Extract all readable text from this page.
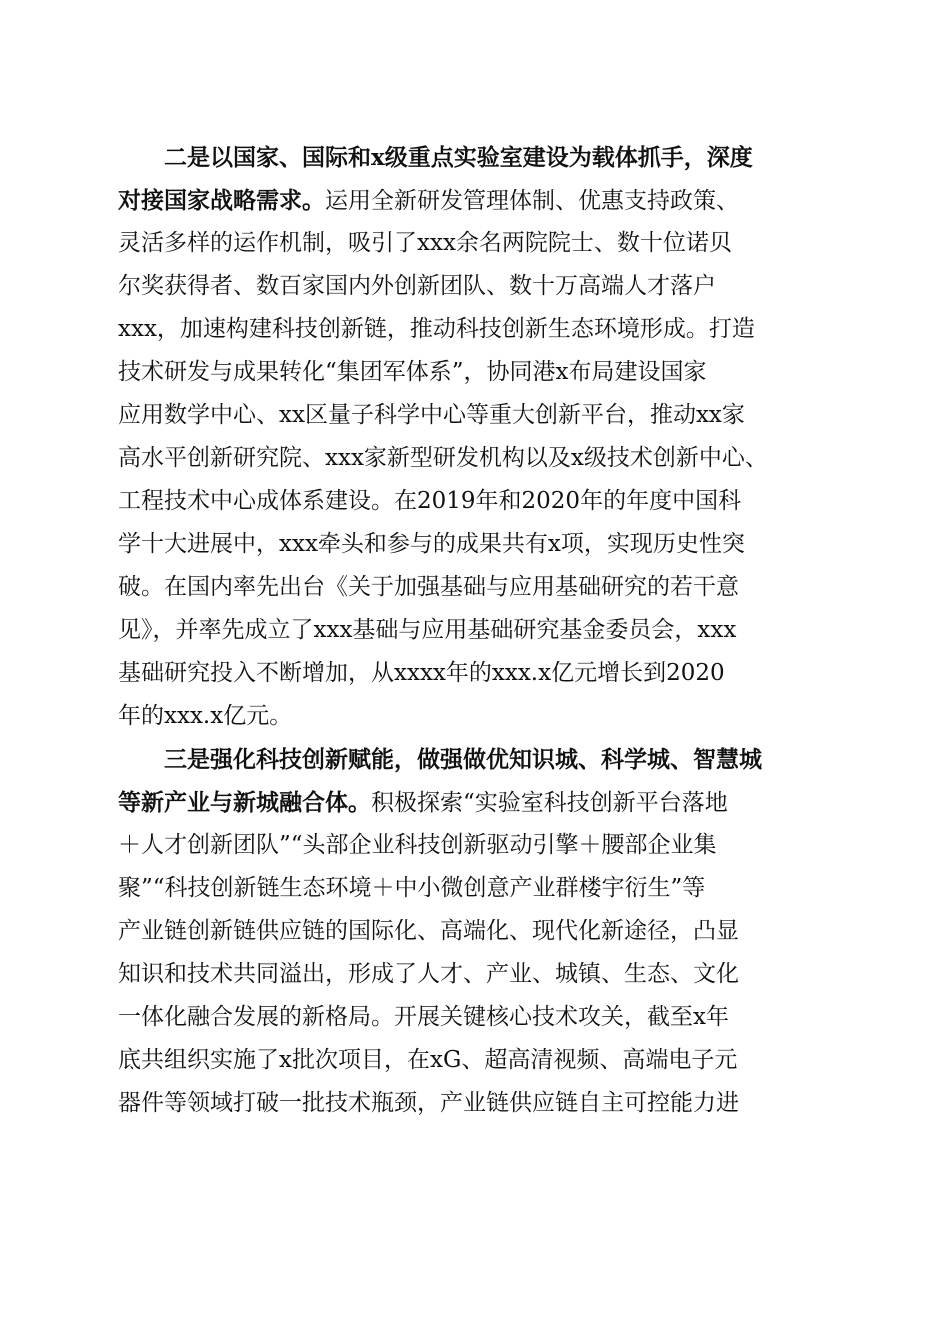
二是以国家、国际和x级重点实验室建设为载体抓手，深度
对接国家战略需求。运用全新研发管理体制、优惠支持政策、
灵活多样的运作机制，吸引了xxx余名两院院士、数十位诺贝
尔奖获得者、数百家国内外创新团队、数十万高端人才落户
xxx，加速构建科技创新链，推动科技创新生态环境形成。打造
技术研发与成果转化“集团军体系”，协同港x布局建设国家
应用数学中心、xx区量子科学中心等重大创新平台，推动xx家
高水平创新研究院、xxx家新型研发机构以及x级技术创新中心、
工程技术中心成体系建设。在2019年和2020年的年度中国科
学十大进展中，xxx牵头和参与的成果共有x项，实现历史性突
破。在国内率先出台《关于加强基础与应用基础研究的若干意
见》，并率先成立了xxx基础与应用基础研究基金委员会，xxx
基础研究投入不断增加，从xxxx年的xxx.x亿元增长到2020
年的xxx.x亿元。
三是强化科技创新赋能，做强做优知识城、科学城、智慧城
等新产业与新城融合体。积极探索“实验室科技创新平台落地
＋人才创新团队”“头部企业科技创新驱动引擎＋腰部企业集
聚”“科技创新链生态环境＋中小微创意产业群楼宇衍生”等
产业链创新链供应链的国际化、高端化、现代化新途径，凸显
知识和技术共同溢出，形成了人才、产业、城镇、生态、文化
一体化融合发展的新格局。开展关键核心技术攻关，截至x年
底共组织实施了x批次项目，在xG、超高清视频、高端电子元
器件等领域打破一批技术瓶颈，产业链供应链自主可控能力进
